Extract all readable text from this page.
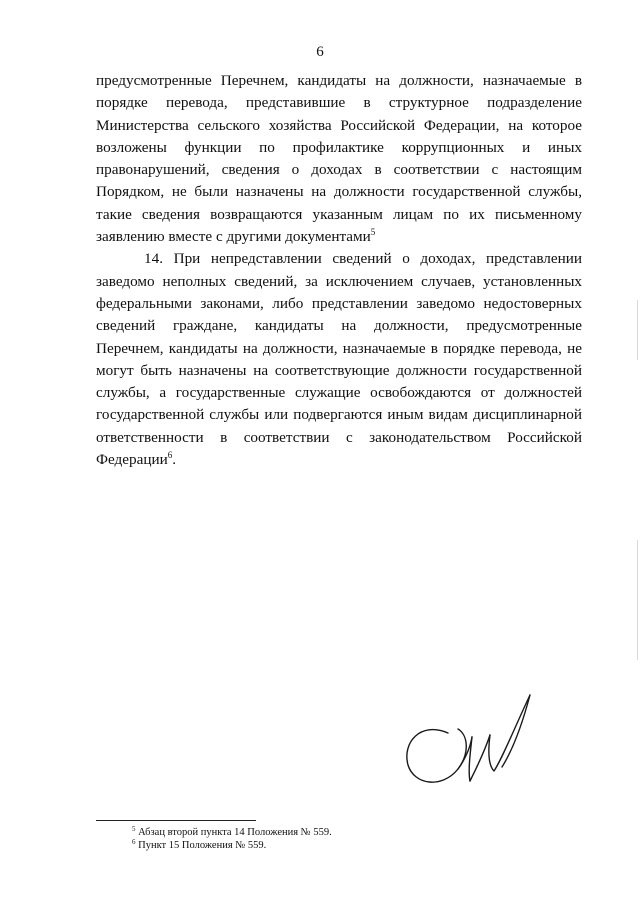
6

предусмотренные Перечнем, кандидаты на должности, назначаемые в порядке перевода, представившие в структурное подразделение Министерства сельского хозяйства Российской Федерации, на которое возложены функции по профилактике коррупционных и иных правонарушений, сведения о доходах в соответствии с настоящим Порядком, не были назначены на должности государственной службы, такие сведения возвращаются указанным лицам по их письменному заявлению вместе с другими документами$^5$

14. При непредставлении сведений о доходах, представлении заведомо неполных сведений, за исключением случаев, установленных федеральными законами, либо представлении заведомо недостоверных сведений граждане, кандидаты на должности, предусмотренные Перечнем, кандидаты на должности, назначаемые в порядке перевода, не могут быть назначены на соответствующие должности государственной службы, а государственные служащие освобождаются от должностей государственной службы или подвергаются иным видам дисциплинарной ответственности в соответствии с законодательством Российской Федерации$^6$.

$^5$ Абзац второй пункта 14 Положения № 559.
$^6$ Пункт 15 Положения № 559.
